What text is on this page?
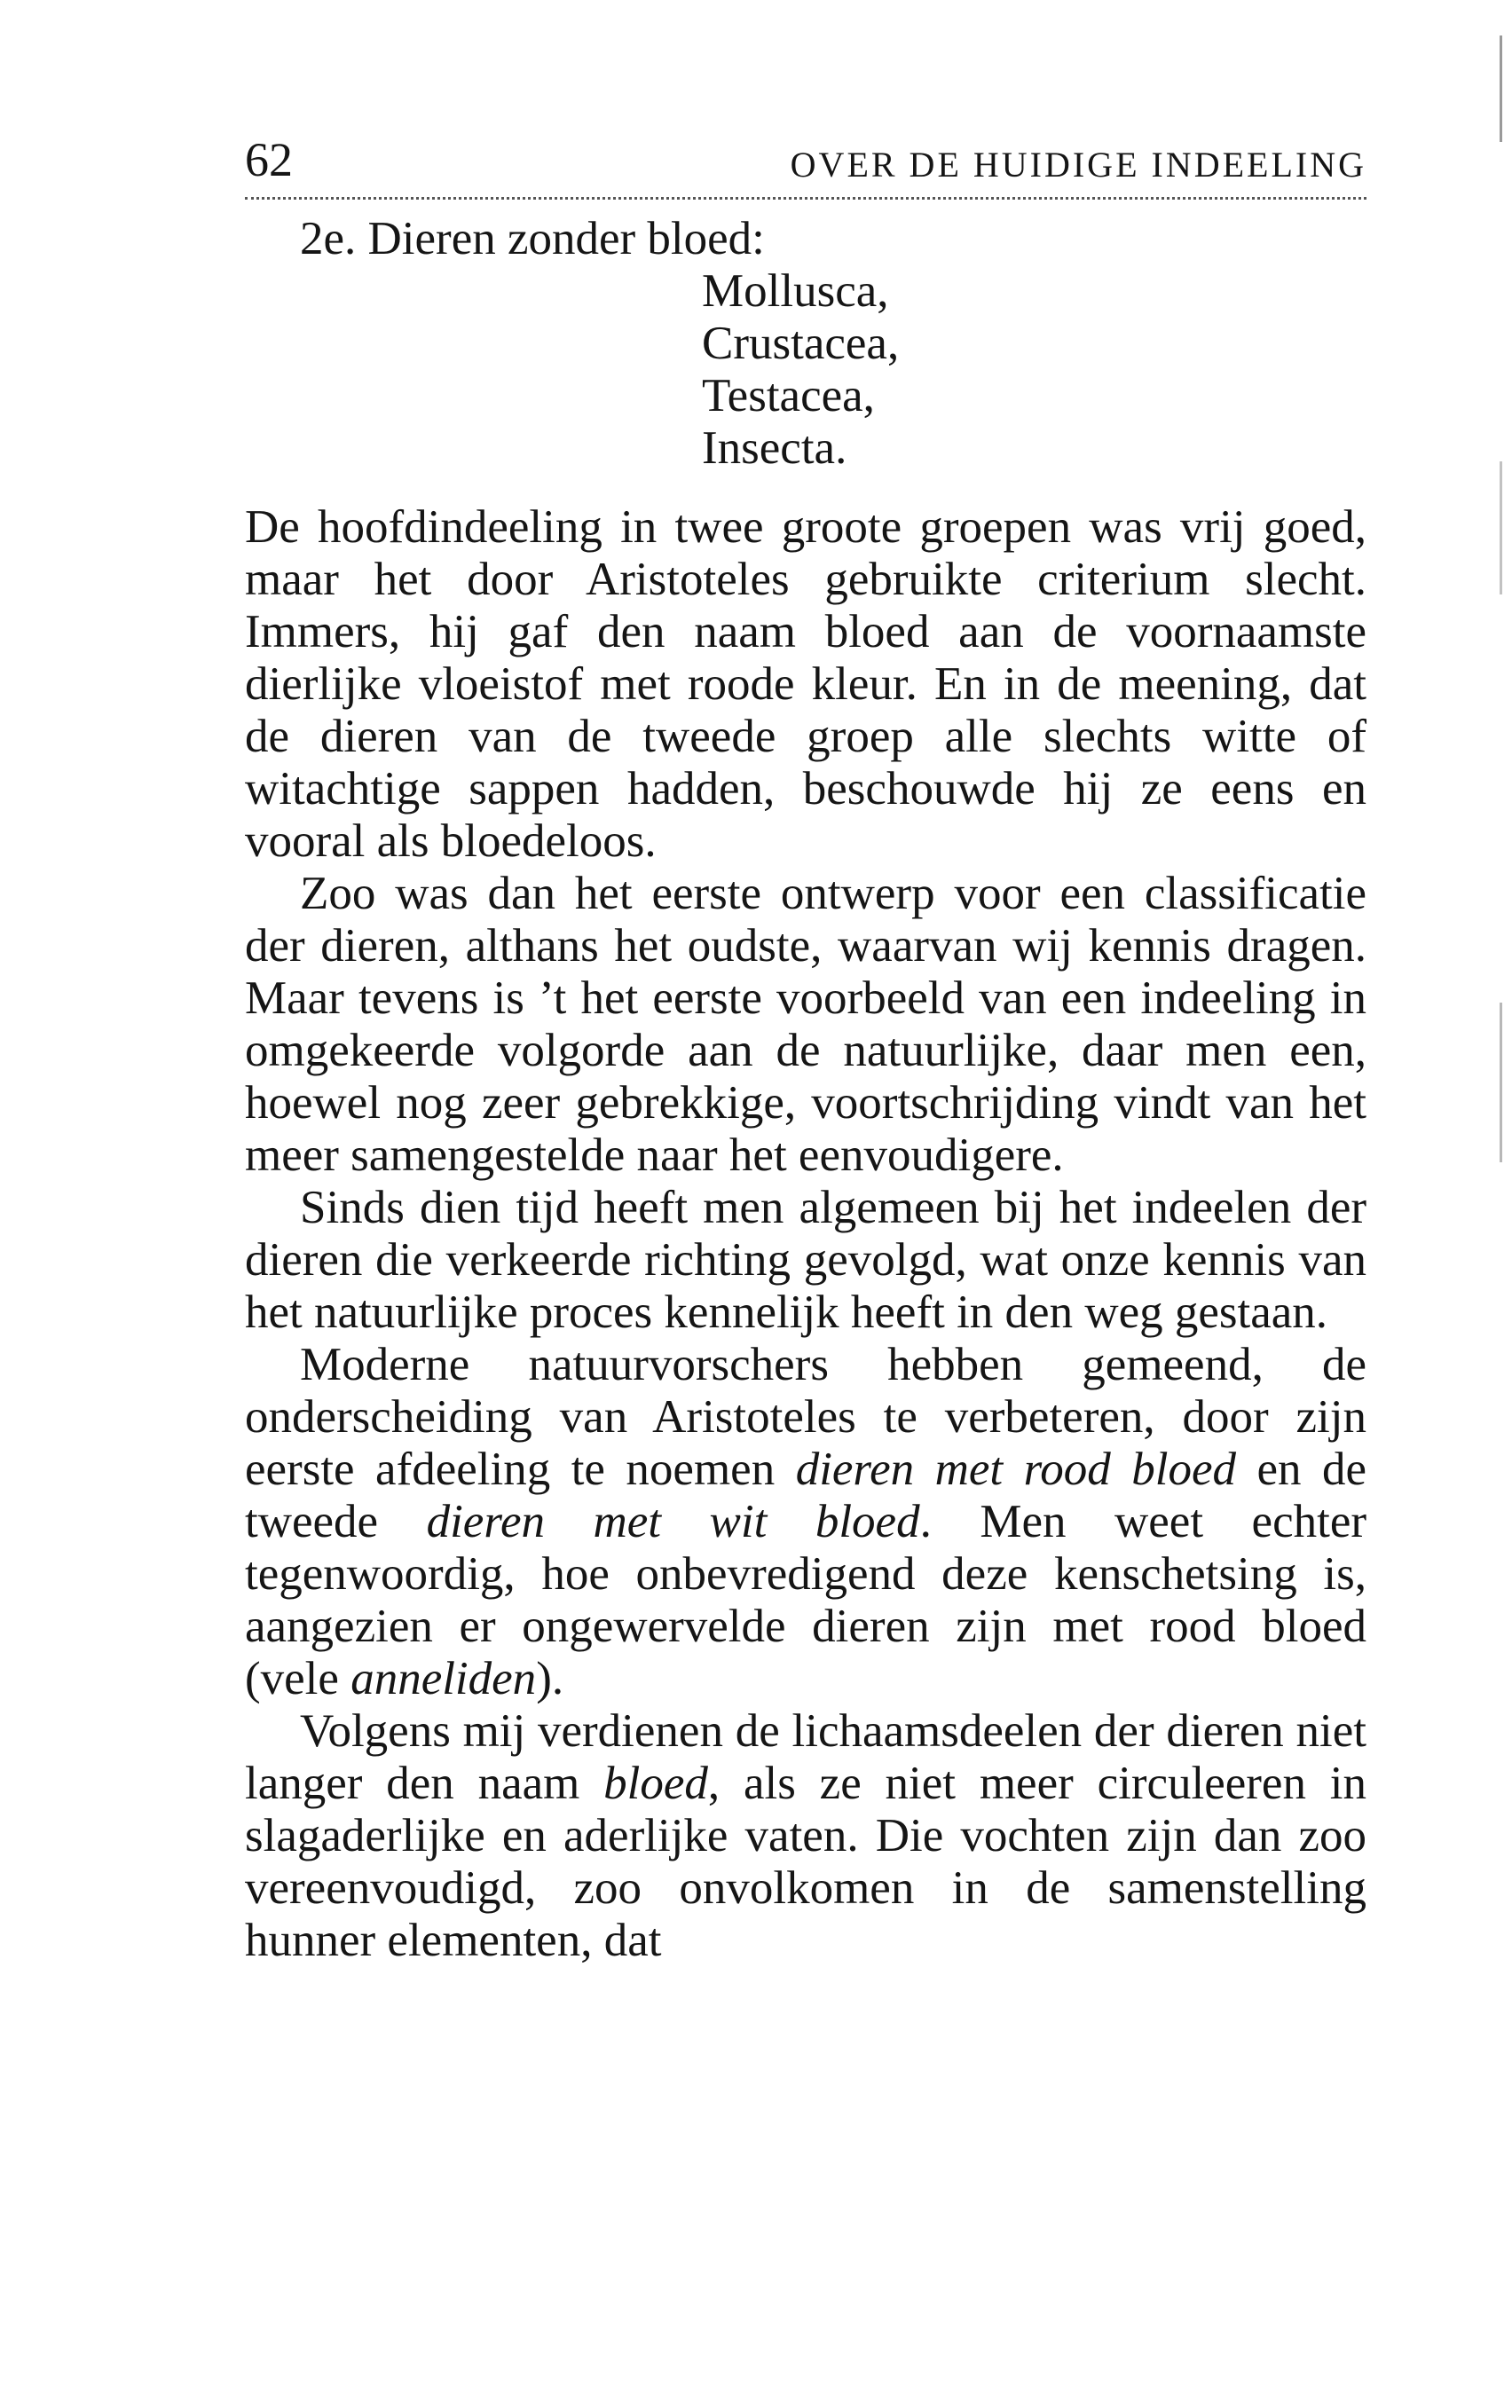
62	OVER DE HUIDIGE INDEELING

2e. Dieren zonder bloed:

Mollusca,
Crustacea,
Testacea,
Insecta.

De hoofdindeeling in twee groote groepen was vrij goed, maar het door Aristoteles gebruikte criterium slecht. Immers, hij gaf den naam bloed aan de voornaamste dierlijke vloeistof met roode kleur. En in de meening, dat de dieren van de tweede groep alle slechts witte of witachtige sappen hadden, beschouwde hij ze eens en vooral als bloedeloos.

Zoo was dan het eerste ontwerp voor een classificatie der dieren, althans het oudste, waarvan wij kennis dragen. Maar tevens is ’t het eerste voorbeeld van een indeeling in omgekeerde volgorde aan de natuurlijke, daar men een, hoewel nog zeer gebrekkige, voortschrijding vindt van het meer samengestelde naar het eenvoudigere.

Sinds dien tijd heeft men algemeen bij het indeelen der dieren die verkeerde richting gevolgd, wat onze kennis van het natuurlijke proces kennelijk heeft in den weg gestaan.

Moderne natuurvorschers hebben gemeend, de onderscheiding van Aristoteles te verbeteren, door zijn eerste afdeeling te noemen dieren met rood bloed en de tweede dieren met wit bloed. Men weet echter tegenwoordig, hoe onbevredigend deze kenschetsing is, aangezien er ongewervelde dieren zijn met rood bloed (vele anneliden).

Volgens mij verdienen de lichaamsdeelen der dieren niet langer den naam bloed, als ze niet meer circuleeren in slagaderlijke en aderlijke vaten. Die vochten zijn dan zoo vereenvoudigd, zoo onvolkomen in de samenstelling hunner elementen, dat
